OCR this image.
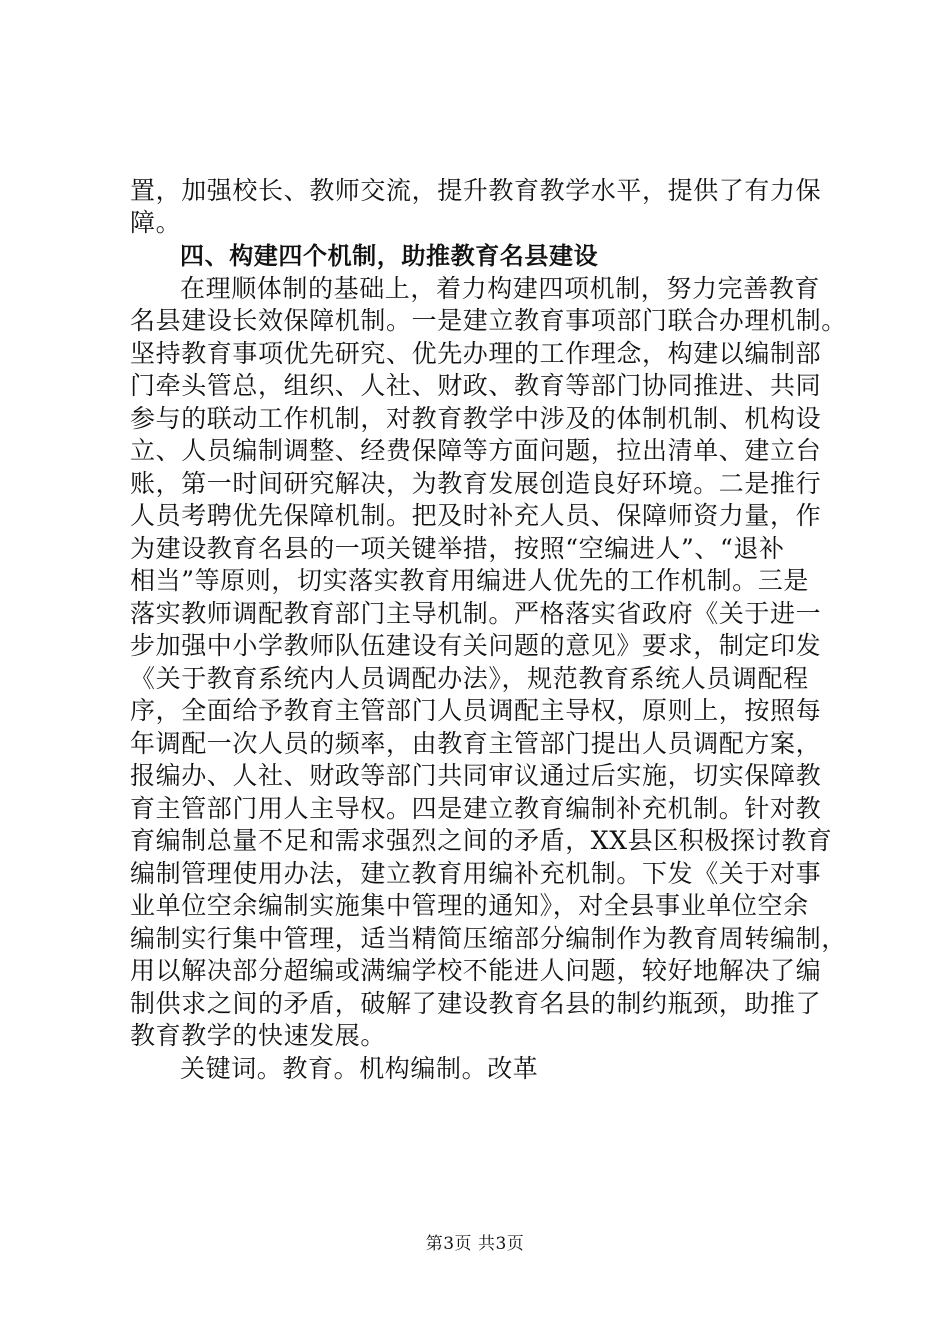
置，加强校长、教师交流，提升教育教学水平，提供了有力保
障。
四、构建四个机制，助推教育名县建设
在理顺体制的基础上，着力构建四项机制，努力完善教育
名县建设长效保障机制。一是建立教育事项部门联合办理机制。
坚持教育事项优先研究、优先办理的工作理念，构建以编制部
门牵头管总，组织、人社、财政、教育等部门协同推进、共同
参与的联动工作机制，对教育教学中涉及的体制机制、机构设
立、人员编制调整、经费保障等方面问题，拉出清单、建立台
账，第一时间研究解决，为教育发展创造良好环境。二是推行
人员考聘优先保障机制。把及时补充人员、保障师资力量，作
为建设教育名县的一项关键举措，按照“空编进人”、“退补
相当”等原则，切实落实教育用编进人优先的工作机制。三是
落实教师调配教育部门主导机制。严格落实省政府《关于进一
步加强中小学教师队伍建设有关问题的意见》要求，制定印发
《关于教育系统内人员调配办法》，规范教育系统人员调配程
序，全面给予教育主管部门人员调配主导权，原则上，按照每
年调配一次人员的频率，由教育主管部门提出人员调配方案，
报编办、人社、财政等部门共同审议通过后实施，切实保障教
育主管部门用人主导权。四是建立教育编制补充机制。针对教
育编制总量不足和需求强烈之间的矛盾，XX县区积极探讨教育
编制管理使用办法，建立教育用编补充机制。下发《关于对事
业单位空余编制实施集中管理的通知》，对全县事业单位空余
编制实行集中管理，适当精简压缩部分编制作为教育周转编制，
用以解决部分超编或满编学校不能进人问题，较好地解决了编
制供求之间的矛盾，破解了建设教育名县的制约瓶颈，助推了
教育教学的快速发展。
关键词。教育。机构编制。改革
第3页 共3页
